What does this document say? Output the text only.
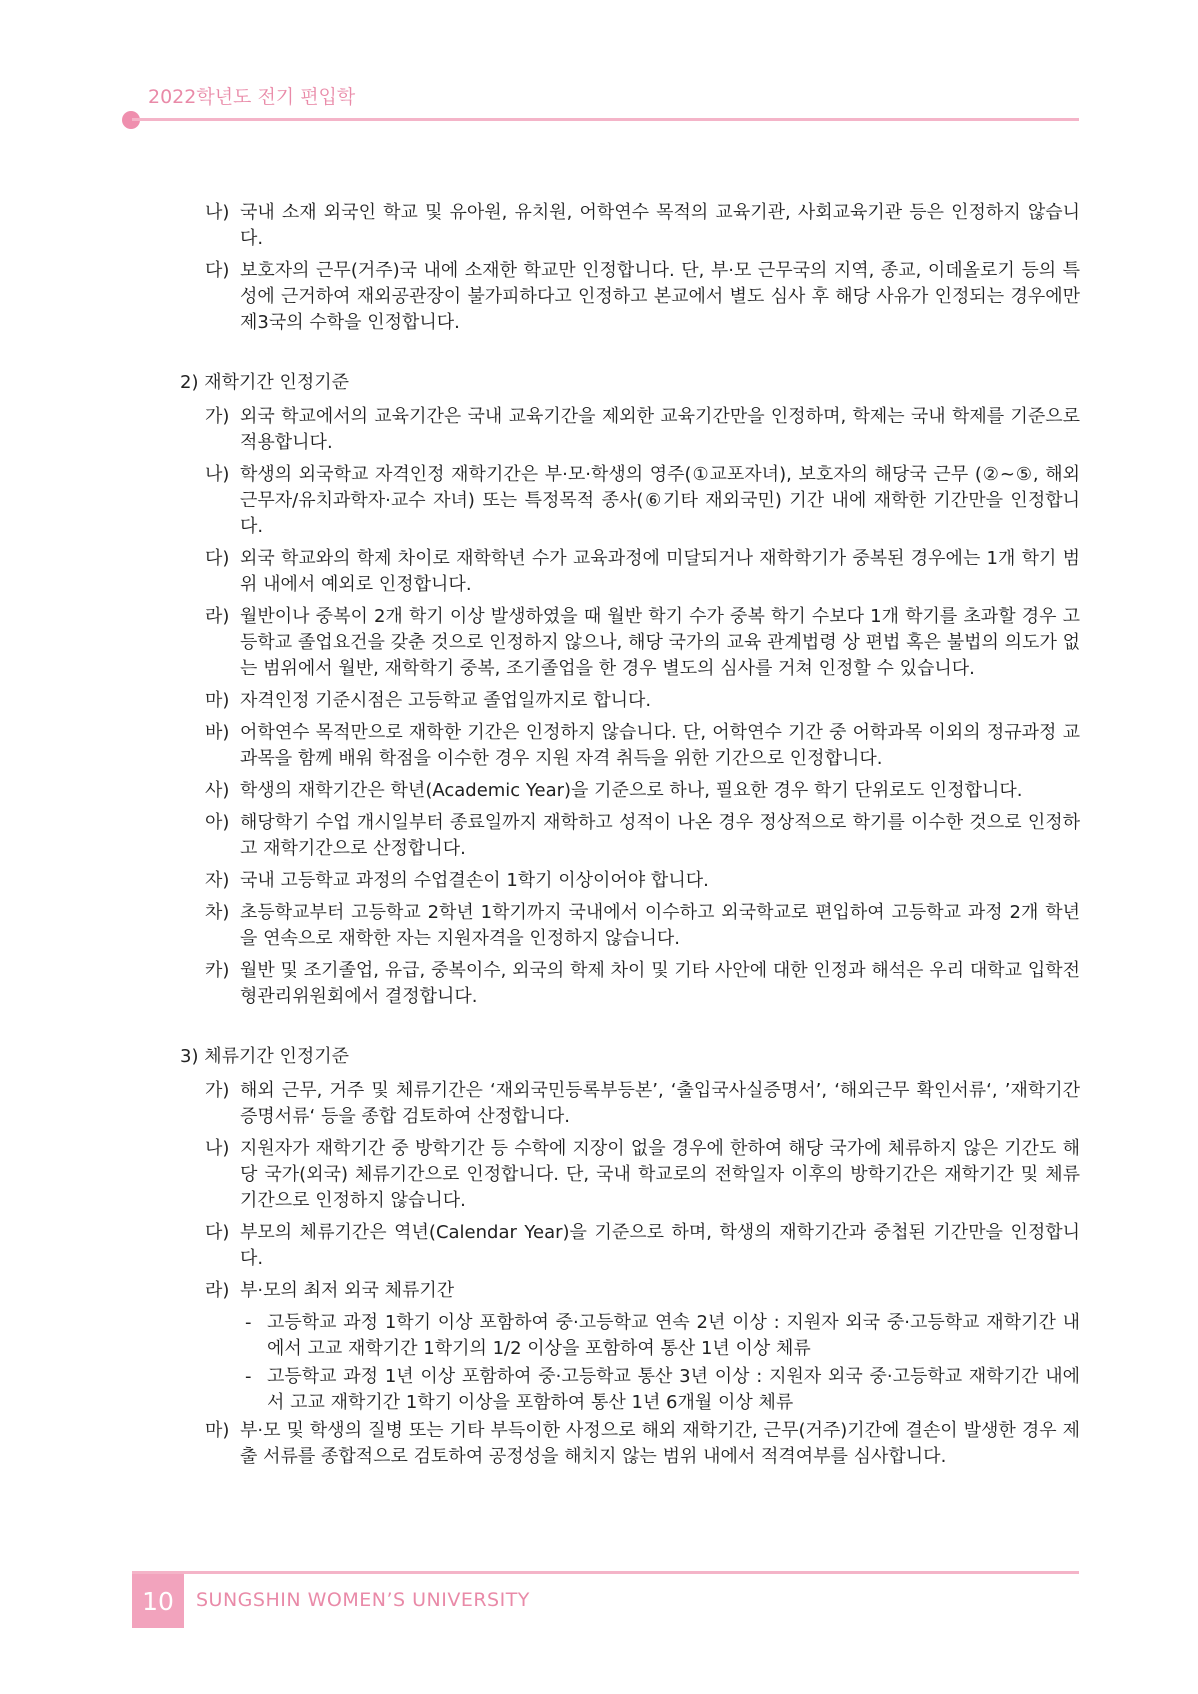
2022학년도 전기 편입학
나) 국내 소재 외국인 학교 및 유아원, 유치원, 어학연수 목적의 교육기관, 사회교육기관 등은 인정하지 않습니다.
다) 보호자의 근무(거주)국 내에 소재한 학교만 인정합니다. 단, 부·모 근무국의 지역, 종교, 이데올로기 등의 특성에 근거하여 재외공관장이 불가피하다고 인정하고 본교에서 별도 심사 후 해당 사유가 인정되는 경우에만 제3국의 수학을 인정합니다.
2) 재학기간 인정기준
가) 외국 학교에서의 교육기간은 국내 교육기간을 제외한 교육기간만을 인정하며, 학제는 국내 학제를 기준으로 적용합니다.
나) 학생의 외국학교 자격인정 재학기간은 부·모·학생의 영주(①교포자녀), 보호자의 해당국 근무 (②~⑤, 해외근무자/유치과학자·교수 자녀) 또는 특정목적 종사(⑥기타 재외국민) 기간 내에 재학한 기간만을 인정합니다.
다) 외국 학교와의 학제 차이로 재학학년 수가 교육과정에 미달되거나 재학학기가 중복된 경우에는 1개 학기 범위 내에서 예외로 인정합니다.
라) 월반이나 중복이 2개 학기 이상 발생하였을 때 월반 학기 수가 중복 학기 수보다 1개 학기를 초과할 경우 고등학교 졸업요건을 갖춘 것으로 인정하지 않으나, 해당 국가의 교육 관계법령 상 편법 혹은 불법의 의도가 없는 범위에서 월반, 재학학기 중복, 조기졸업을 한 경우 별도의 심사를 거쳐 인정할 수 있습니다.
마) 자격인정 기준시점은 고등학교 졸업일까지로 합니다.
바) 어학연수 목적만으로 재학한 기간은 인정하지 않습니다. 단, 어학연수 기간 중 어학과목 이외의 정규과정 교과목을 함께 배워 학점을 이수한 경우 지원 자격 취득을 위한 기간으로 인정합니다.
사) 학생의 재학기간은 학년(Academic Year)을 기준으로 하나, 필요한 경우 학기 단위로도 인정합니다.
아) 해당학기 수업 개시일부터 종료일까지 재학하고 성적이 나온 경우 정상적으로 학기를 이수한 것으로 인정하고 재학기간으로 산정합니다.
자) 국내 고등학교 과정의 수업결손이 1학기 이상이어야 합니다.
차) 초등학교부터 고등학교 2학년 1학기까지 국내에서 이수하고 외국학교로 편입하여 고등학교 과정 2개 학년을 연속으로 재학한 자는 지원자격을 인정하지 않습니다.
카) 월반 및 조기졸업, 유급, 중복이수, 외국의 학제 차이 및 기타 사안에 대한 인정과 해석은 우리 대학교 입학전형관리위원회에서 결정합니다.
3) 체류기간 인정기준
가) 해외 근무, 거주 및 체류기간은 ‘재외국민등록부등본’, ‘출입국사실증명서’, ‘해외근무 확인서류‘, ’재학기간 증명서류‘ 등을 종합 검토하여 산정합니다.
나) 지원자가 재학기간 중 방학기간 등 수학에 지장이 없을 경우에 한하여 해당 국가에 체류하지 않은 기간도 해당 국가(외국) 체류기간으로 인정합니다. 단, 국내 학교로의 전학일자 이후의 방학기간은 재학기간 및 체류기간으로 인정하지 않습니다.
다) 부모의 체류기간은 역년(Calendar Year)을 기준으로 하며, 학생의 재학기간과 중첩된 기간만을 인정합니다.
라) 부·모의 최저 외국 체류기간
- 고등학교 과정 1학기 이상 포함하여 중·고등학교 연속 2년 이상 : 지원자 외국 중·고등학교 재학기간 내에서 고교 재학기간 1학기의 1/2 이상을 포함하여 통산 1년 이상 체류
- 고등학교 과정 1년 이상 포함하여 중·고등학교 통산 3년 이상 : 지원자 외국 중·고등학교 재학기간 내에서 고교 재학기간 1학기 이상을 포함하여 통산 1년 6개월 이상 체류
마) 부·모 및 학생의 질병 또는 기타 부득이한 사정으로 해외 재학기간, 근무(거주)기간에 결손이 발생한 경우 제출 서류를 종합적으로 검토하여 공정성을 해치지 않는 범위 내에서 적격여부를 심사합니다.
10	SUNGSHIN WOMEN’S UNIVERSITY
